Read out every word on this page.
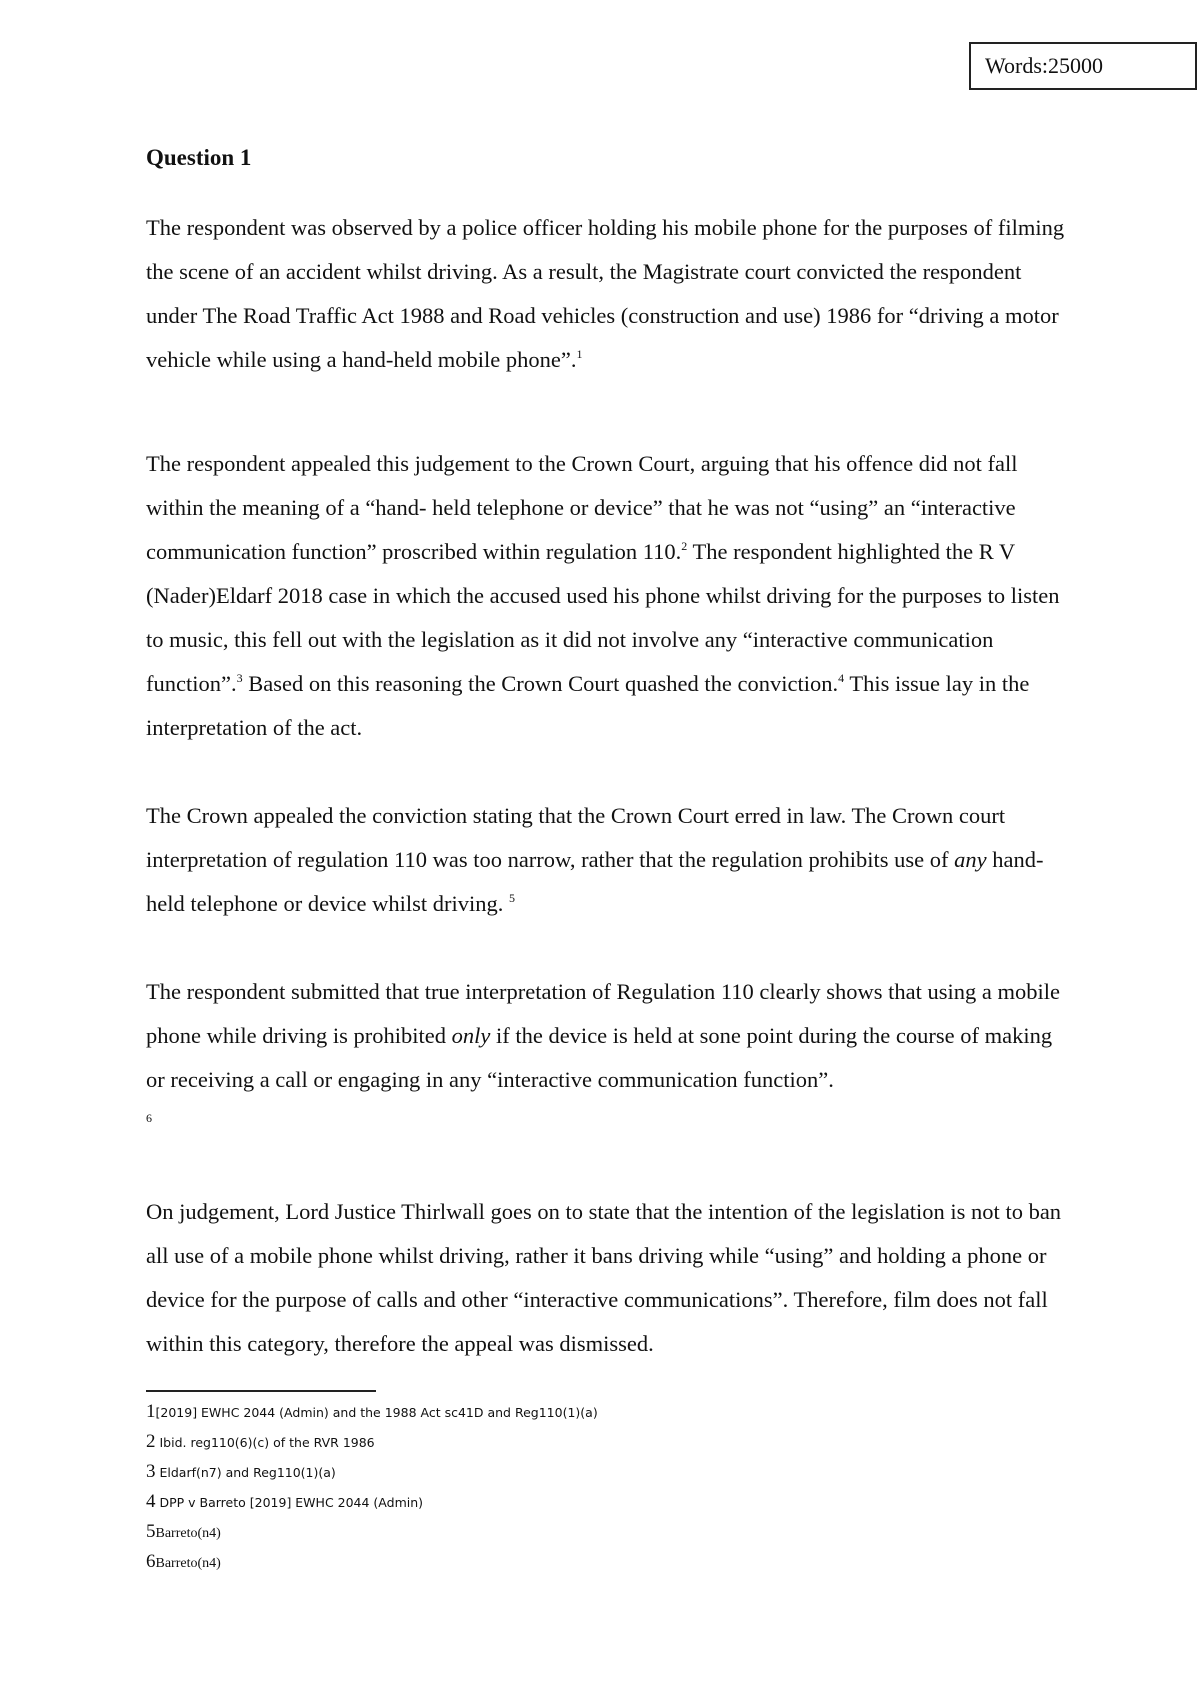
Words:25000
Question 1

The respondent was observed by a police officer holding his mobile phone for the purposes of filming the scene of an accident whilst driving. As a result, the Magistrate court convicted the respondent under The Road Traffic Act 1988 and Road vehicles (construction and use) 1986 for “driving a motor vehicle while using a hand-held mobile phone”.$^1$

The respondent appealed this judgement to the Crown Court, arguing that his offence did not fall within the meaning of a “hand- held telephone or device” that he was not “using” an “interactive communication function” proscribed within regulation 110.$^2$ The respondent highlighted the R V (Nader)Eldarf 2018 case in which the accused used his phone whilst driving for the purposes to listen to music, this fell out with the legislation as it did not involve any “interactive communication function”.$^3$ Based on this reasoning the Crown Court quashed the conviction.$^4$ This issue lay in the interpretation of the act.

The Crown appealed the conviction stating that the Crown Court erred in law. The Crown court interpretation of regulation 110 was too narrow, rather that the regulation prohibits use of any hand- held telephone or device whilst driving. $^5$

The respondent submitted that true interpretation of Regulation 110 clearly shows that using a mobile phone while driving is prohibited only if the device is held at sone point during the course of making or receiving a call or engaging in any “interactive communication function”.

6

On judgement, Lord Justice Thirlwall goes on to state that the intention of the legislation is not to ban all use of a mobile phone whilst driving, rather it bans driving while “using” and holding a phone or device for the purpose of calls and other “interactive communications”. Therefore, film does not fall within this category, therefore the appeal was dismissed.

1[2019] EWHC 2044 (Admin) and the 1988 Act sc41D and Reg110(1)(a)
2 Ibid. reg110(6)(c) of the RVR 1986
3 Eldarf(n7) and Reg110(1)(a)
4 DPP v Barreto [2019] EWHC 2044 (Admin)
5Barreto(n4)
6Barreto(n4)
